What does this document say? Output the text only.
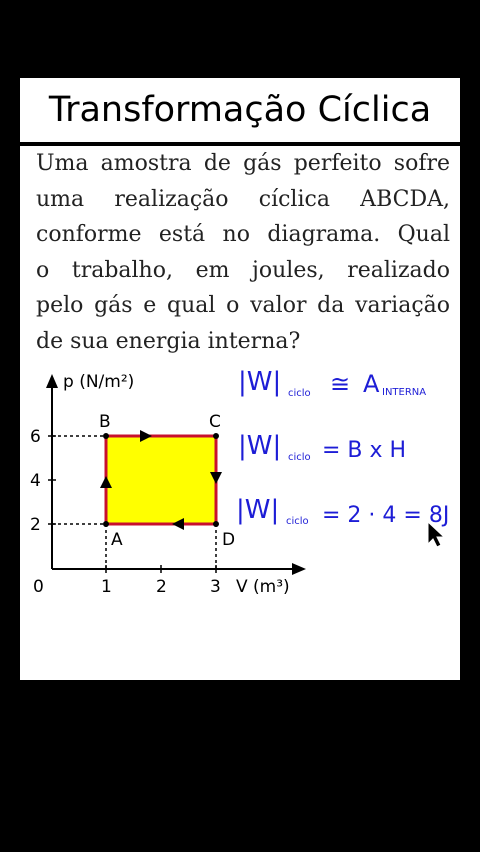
Transformação Cíclica
Uma amostra de gás perfeito sofre
uma realização cíclica ABCDA,
conforme está no diagrama. Qual
o trabalho, em joules, realizado
pelo gás e qual o valor da variação
de sua energia interna?
p (N/m²)
V (m³)
0	1	2	3
2
4
6
A
B	C
D
|W| ciclo ≅ A INTERNA
|W| ciclo = B x H
|W| ciclo = 2 · 4 = 8J
